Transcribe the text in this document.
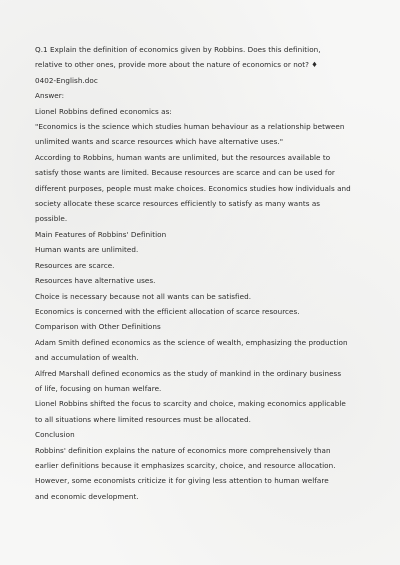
Q.1 Explain the definition of economics given by Robbins. Does this definition,
relative to other ones, provide more about the nature of economics or not? ♦
0402-English.doc
Answer:
Lionel Robbins defined economics as:
"Economics is the science which studies human behaviour as a relationship between
unlimited wants and scarce resources which have alternative uses."
According to Robbins, human wants are unlimited, but the resources available to
satisfy those wants are limited. Because resources are scarce and can be used for
different purposes, people must make choices. Economics studies how individuals and
society allocate these scarce resources efficiently to satisfy as many wants as
possible.
Main Features of Robbins' Definition
Human wants are unlimited.
Resources are scarce.
Resources have alternative uses.
Choice is necessary because not all wants can be satisfied.
Economics is concerned with the efficient allocation of scarce resources.
Comparison with Other Definitions
Adam Smith defined economics as the science of wealth, emphasizing the production
and accumulation of wealth.
Alfred Marshall defined economics as the study of mankind in the ordinary business
of life, focusing on human welfare.
Lionel Robbins shifted the focus to scarcity and choice, making economics applicable
to all situations where limited resources must be allocated.
Conclusion
Robbins' definition explains the nature of economics more comprehensively than
earlier definitions because it emphasizes scarcity, choice, and resource allocation.
However, some economists criticize it for giving less attention to human welfare
and economic development.
